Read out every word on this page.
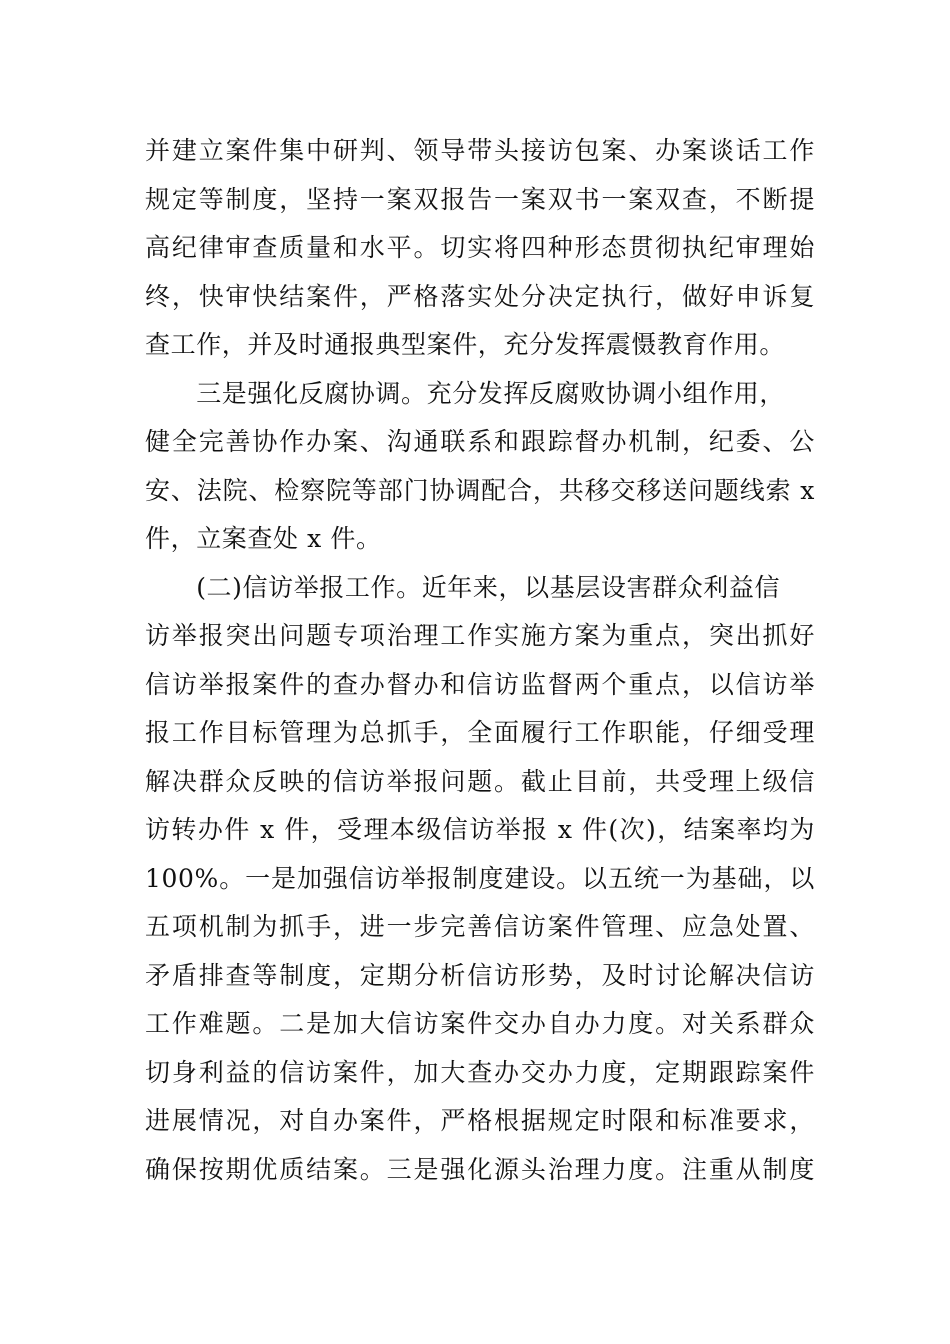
并建立案件集中研判、领导带头接访包案、办案谈话工作
规定等制度，坚持一案双报告一案双书一案双查，不断提
高纪律审查质量和水平。切实将四种形态贯彻执纪审理始
终，快审快结案件，严格落实处分决定执行，做好申诉复
查工作，并及时通报典型案件，充分发挥震慑教育作用。
　　三是强化反腐协调。充分发挥反腐败协调小组作用，
健全完善协作办案、沟通联系和跟踪督办机制，纪委、公
安、法院、检察院等部门协调配合，共移交移送问题线索 x
件，立案查处 x 件。
　　(二)信访举报工作。近年来，以基层设害群众利益信
访举报突出问题专项治理工作实施方案为重点，突出抓好
信访举报案件的查办督办和信访监督两个重点，以信访举
报工作目标管理为总抓手，全面履行工作职能，仔细受理
解决群众反映的信访举报问题。截止目前，共受理上级信
访转办件 x 件，受理本级信访举报 x 件(次)，结案率均为
100%。一是加强信访举报制度建设。以五统一为基础，以
五项机制为抓手，进一步完善信访案件管理、应急处置、
矛盾排查等制度，定期分析信访形势，及时讨论解决信访
工作难题。二是加大信访案件交办自办力度。对关系群众
切身利益的信访案件，加大查办交办力度，定期跟踪案件
进展情况，对自办案件，严格根据规定时限和标准要求，
确保按期优质结案。三是强化源头治理力度。注重从制度
